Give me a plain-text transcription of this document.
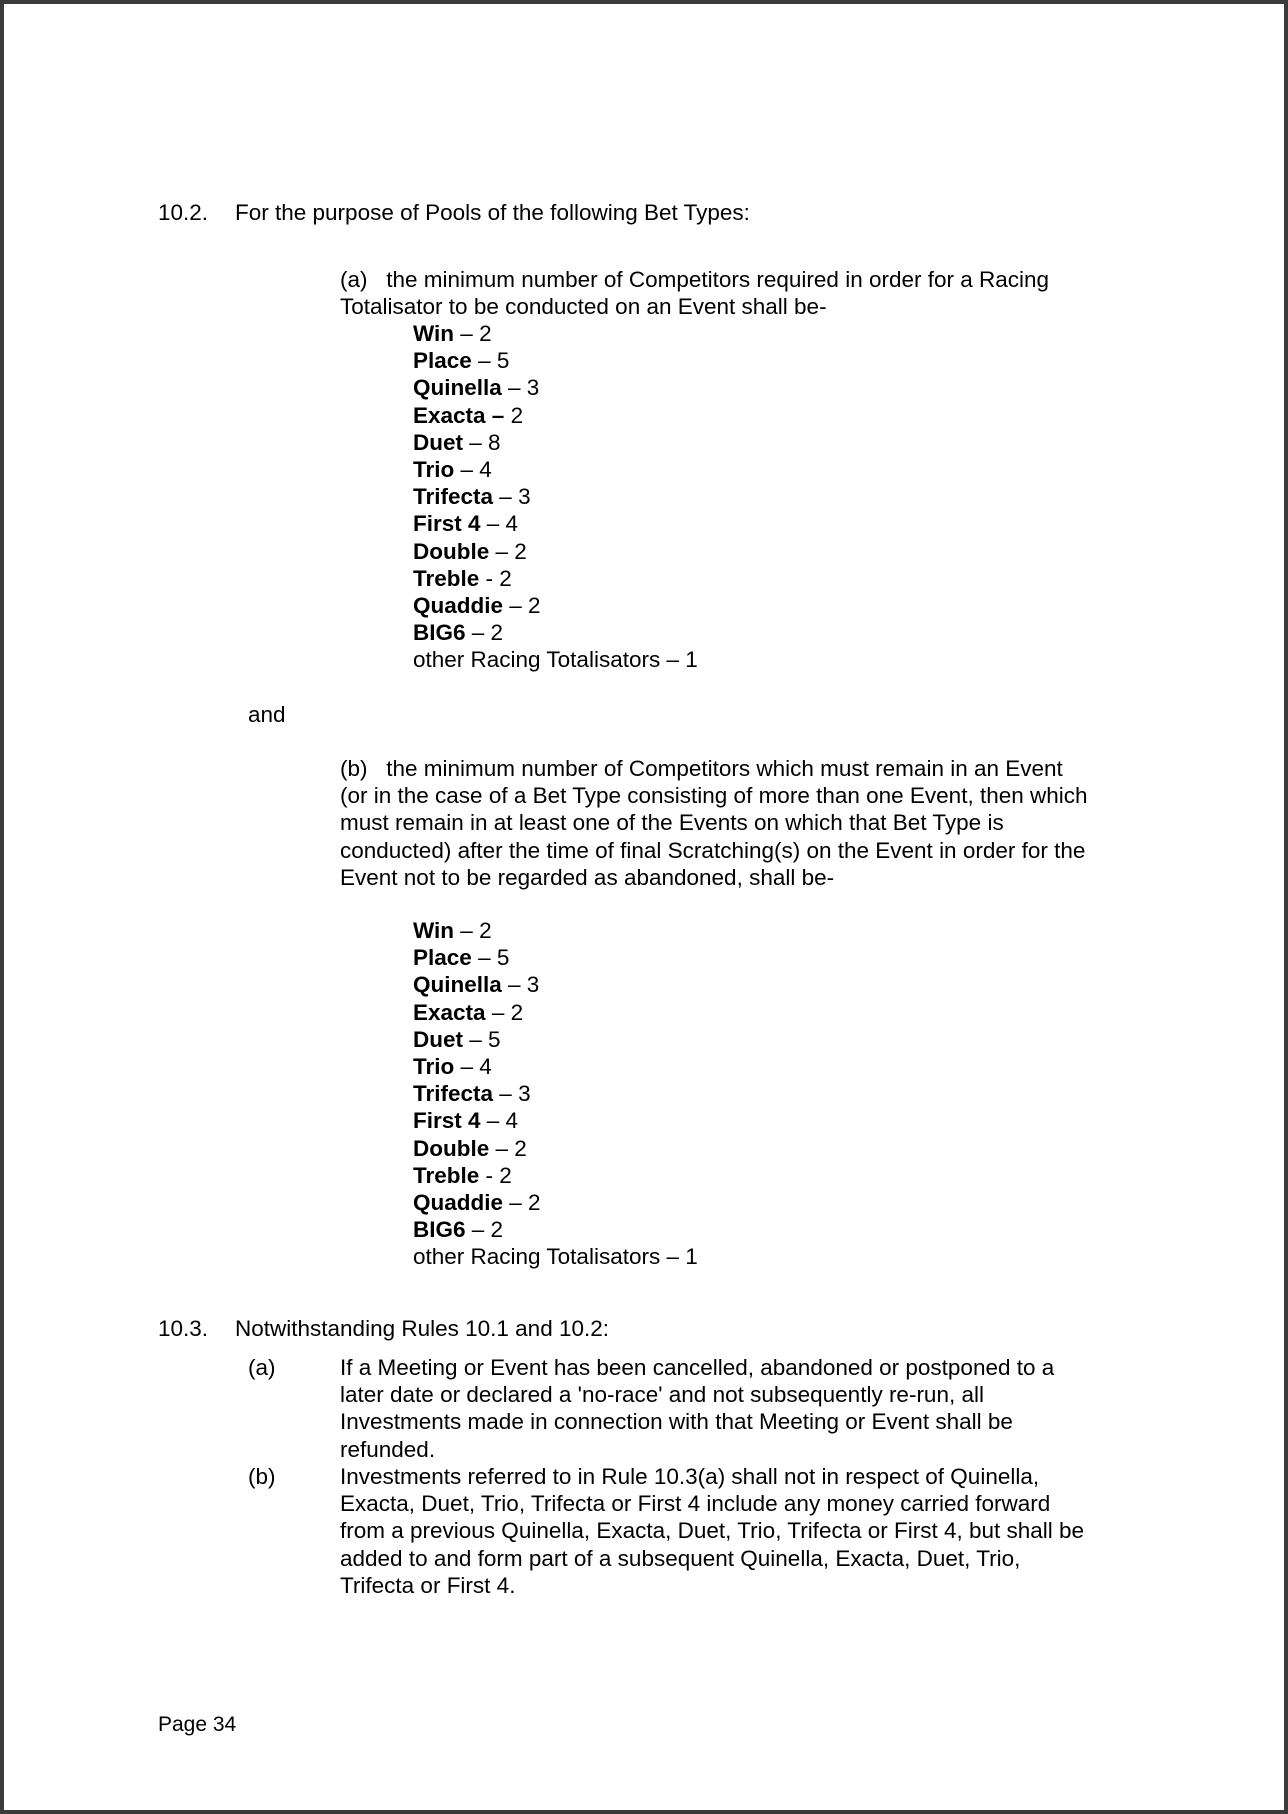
10.2. For the purpose of Pools of the following Bet Types:
(a) the minimum number of Competitors required in order for a Racing
Totalisator to be conducted on an Event shall be-
Win – 2
Place – 5
Quinella – 3
Exacta – 2
Duet – 8
Trio – 4
Trifecta – 3
First 4 – 4
Double – 2
Treble - 2
Quaddie – 2
BIG6 – 2
other Racing Totalisators – 1
and
(b) the minimum number of Competitors which must remain in an Event
(or in the case of a Bet Type consisting of more than one Event, then which
must remain in at least one of the Events on which that Bet Type is
conducted) after the time of final Scratching(s) on the Event in order for the
Event not to be regarded as abandoned, shall be-
Win – 2
Place – 5
Quinella – 3
Exacta – 2
Duet – 5
Trio – 4
Trifecta – 3
First 4 – 4
Double – 2
Treble - 2
Quaddie – 2
BIG6 – 2
other Racing Totalisators – 1
10.3. Notwithstanding Rules 10.1 and 10.2:
(a)	If a Meeting or Event has been cancelled, abandoned or postponed to a
later date or declared a 'no-race' and not subsequently re-run, all
Investments made in connection with that Meeting or Event shall be
refunded.
(b)	Investments referred to in Rule 10.3(a) shall not in respect of Quinella,
Exacta, Duet, Trio, Trifecta or First 4 include any money carried forward
from a previous Quinella, Exacta, Duet, Trio, Trifecta or First 4, but shall be
added to and form part of a subsequent Quinella, Exacta, Duet, Trio,
Trifecta or First 4.
Page 34
